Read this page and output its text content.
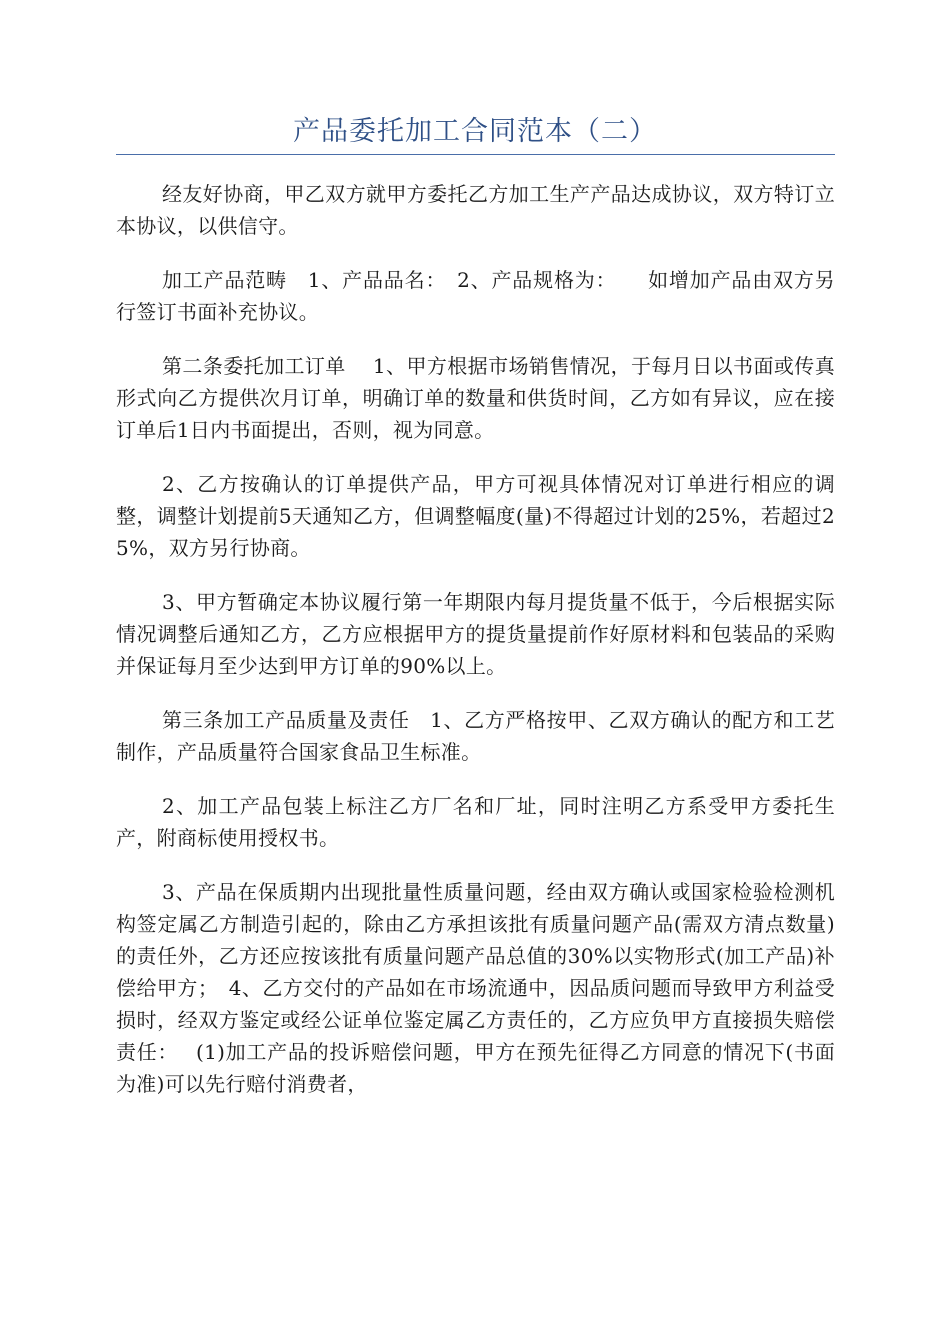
产品委托加工合同范本（二）

经友好协商，甲乙双方就甲方委托乙方加工生产产品达成协议，双方特订立本协议，以供信守。

加工产品范畴　1、产品品名：　2、产品规格为：　　如增加产品由双方另行签订书面补充协议。

第二条委托加工订单　 1、甲方根据市场销售情况，于每月日以书面或传真形式向乙方提供次月订单，明确订单的数量和供货时间，乙方如有异议，应在接订单后1日内书面提出，否则，视为同意。

2、乙方按确认的订单提供产品，甲方可视具体情况对订单进行相应的调整，调整计划提前5天通知乙方，但调整幅度(量)不得超过计划的25%，若超过25%，双方另行协商。

3、甲方暂确定本协议履行第一年期限内每月提货量不低于，今后根据实际情况调整后通知乙方，乙方应根据甲方的提货量提前作好原材料和包装品的采购并保证每月至少达到甲方订单的90%以上。

第三条加工产品质量及责任　1、乙方严格按甲、乙双方确认的配方和工艺制作，产品质量符合国家食品卫生标准。

2、加工产品包装上标注乙方厂名和厂址，同时注明乙方系受甲方委托生产，附商标使用授权书。

3、产品在保质期内出现批量性质量问题，经由双方确认或国家检验检测机构签定属乙方制造引起的，除由乙方承担该批有质量问题产品(需双方清点数量)的责任外，乙方还应按该批有质量问题产品总值的30%以实物形式(加工产品)补偿给甲方；　4、乙方交付的产品如在市场流通中，因品质问题而导致甲方利益受损时，经双方鉴定或经公证单位鉴定属乙方责任的，乙方应负甲方直接损失赔偿责任：　 (1)加工产品的投诉赔偿问题，甲方在预先征得乙方同意的情况下(书面为准)可以先行赔付消费者，
